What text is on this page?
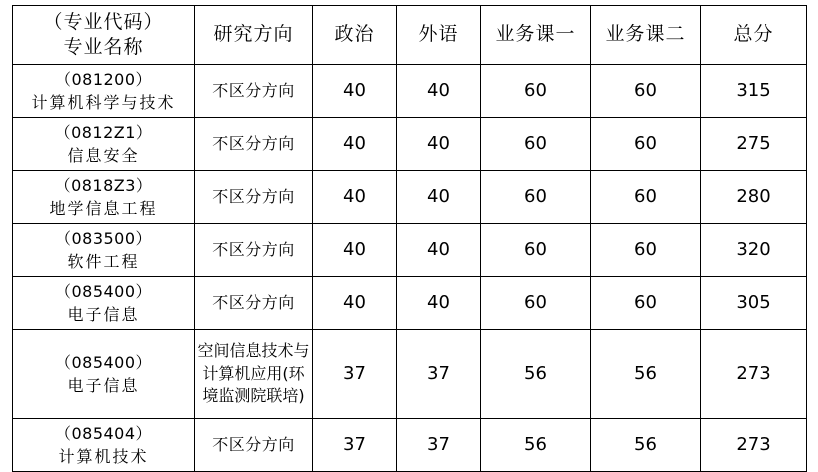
（专业代码）
专业名称	研究方向	政治	外语	业务课一	业务课二	总分

（081200）
计算机科学与技术	不区分方向	40	40	60	60	315

（0812Z1）
信息安全	不区分方向	40	40	60	60	275

（0818Z3）
地学信息工程	不区分方向	40	40	60	60	280

（083500）
软件工程	不区分方向	40	40	60	60	320

（085400）
电子信息	不区分方向	40	40	60	60	305

（085400）
电子信息	空间信息技术与计算机应用(环境监测院联培)	37	37	56	56	273

（085404）
计算机技术	不区分方向	37	37	56	56	273
